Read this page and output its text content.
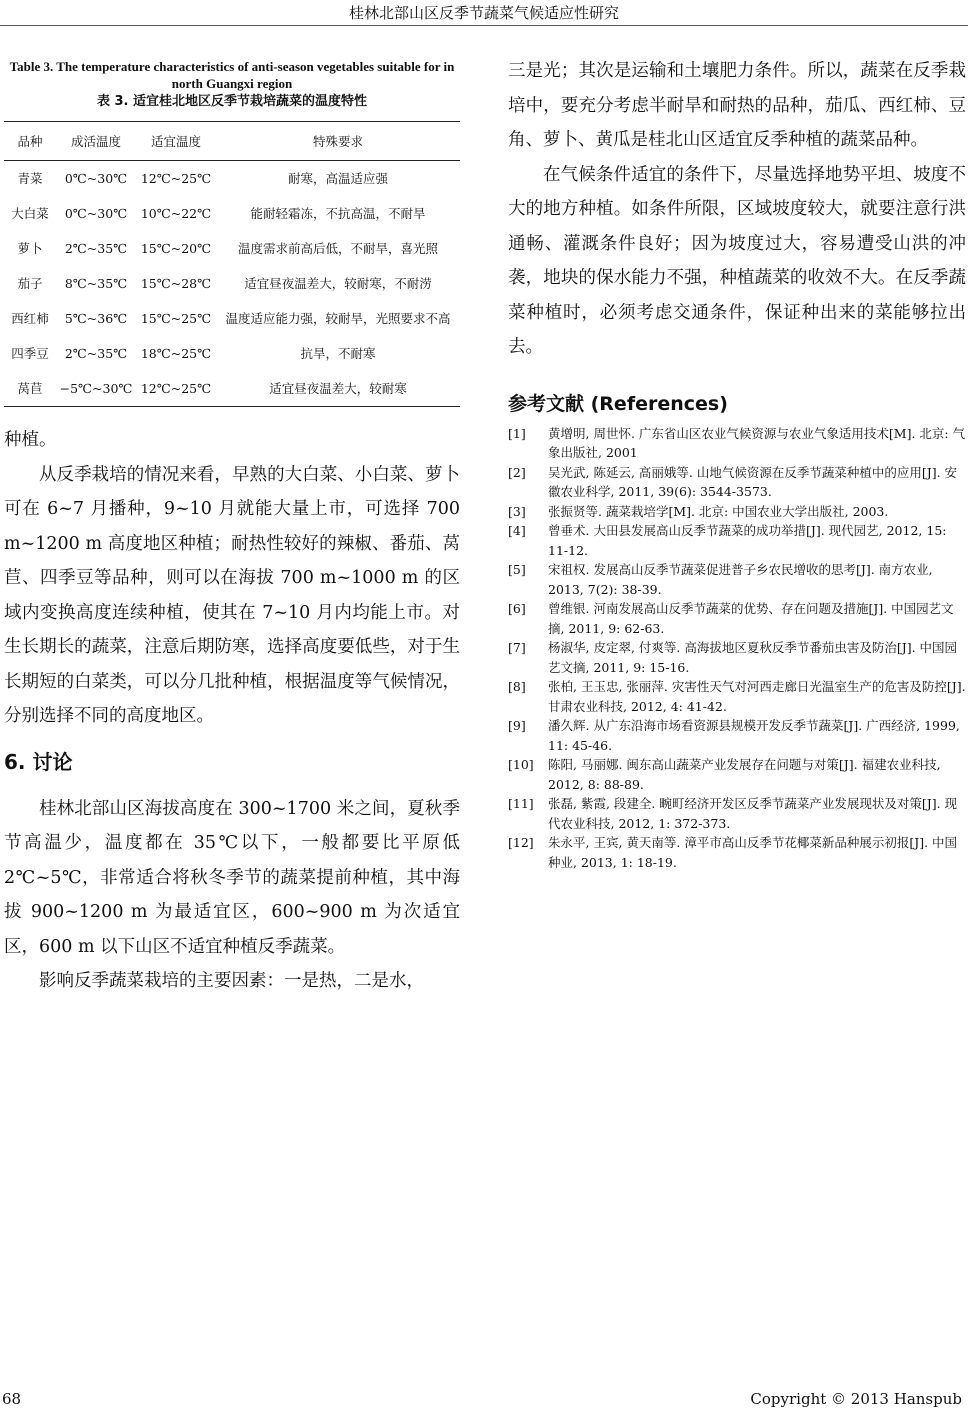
桂林北部山区反季节蔬菜气候适应性研究
Table 3. The temperature characteristics of anti-season vegetables suitable for in north Guangxi region
表 3. 适宜桂北地区反季节栽培蔬菜的温度特性
品种	成活温度	适宜温度	特殊要求
青菜	0℃~30℃	12℃~25℃	耐寒，高温适应强
大白菜	0℃~30℃	10℃~22℃	能耐轻霜冻，不抗高温，不耐旱
萝卜	2℃~35℃	15℃~20℃	温度需求前高后低，不耐旱，喜光照
茄子	8℃~35℃	15℃~28℃	适宜昼夜温差大，较耐寒，不耐涝
西红柿	5℃~36℃	15℃~25℃	温度适应能力强，较耐旱，光照要求不高
四季豆	2℃~35℃	18℃~25℃	抗旱，不耐寒
莴苣	−5℃~30℃	12℃~25℃	适宜昼夜温差大，较耐寒

种植。

从反季栽培的情况来看，早熟的大白菜、小白菜、萝卜可在 6~7 月播种，9~10 月就能大量上市，可选择 700 m~1200 m 高度地区种植；耐热性较好的辣椒、番茄、莴苣、四季豆等品种，则可以在海拔 700 m~1000 m 的区域内变换高度连续种植，使其在 7~10 月内均能上市。对生长期长的蔬菜，注意后期防寒，选择高度要低些，对于生长期短的白菜类，可以分几批种植，根据温度等气候情况，分别选择不同的高度地区。

6. 讨论

桂林北部山区海拔高度在 300~1700 米之间，夏秋季节高温少，温度都在 35℃以下，一般都要比平原低 2℃~5℃，非常适合将秋冬季节的蔬菜提前种植，其中海拔 900~1200 m 为最适宜区，600~900 m 为次适宜区，600 m 以下山区不适宜种植反季蔬菜。

影响反季蔬菜栽培的主要因素：一是热，二是水，

三是光；其次是运输和土壤肥力条件。所以，蔬菜在反季栽培中，要充分考虑半耐旱和耐热的品种，茄瓜、西红柿、豆角、萝卜、黄瓜是桂北山区适宜反季种植的蔬菜品种。

在气候条件适宜的条件下，尽量选择地势平坦、坡度不大的地方种植。如条件所限，区域坡度较大，就要注意行洪通畅、灌溉条件良好；因为坡度过大，容易遭受山洪的冲袭，地块的保水能力不强，种植蔬菜的收效不大。在反季蔬菜种植时，必须考虑交通条件，保证种出来的菜能够拉出去。

参考文献 (References)
[1]	黄增明, 周世怀. 广东省山区农业气候资源与农业气象适用技术[M]. 北京: 气象出版社, 2001
[2]	吴光武, 陈延云, 高丽娥等. 山地气候资源在反季节蔬菜种植中的应用[J]. 安徽农业科学, 2011, 39(6): 3544-3573.
[3]	张振贤等. 蔬菜栽培学[M]. 北京: 中国农业大学出版社, 2003.
[4]	曾垂术. 大田县发展高山反季节蔬菜的成功举措[J]. 现代园艺, 2012, 15: 11-12.
[5]	宋祖权. 发展高山反季节蔬菜促进普子乡农民增收的思考[J]. 南方农业, 2013, 7(2): 38-39.
[6]	曾维银. 河南发展高山反季节蔬菜的优势、存在问题及措施[J]. 中国园艺文摘, 2011, 9: 62-63.
[7]	杨淑华, 皮定翠, 付爽等. 高海拔地区夏秋反季节番茄虫害及防治[J]. 中国园艺文摘, 2011, 9: 15-16.
[8]	张柏, 王玉忠, 张丽萍. 灾害性天气对河西走廊日光温室生产的危害及防控[J]. 甘肃农业科技, 2012, 4: 41-42.
[9]	潘久辉. 从广东沿海市场看资源县规模开发反季节蔬菜[J]. 广西经济, 1999, 11: 45-46.
[10]	陈阳, 马丽娜. 闽东高山蔬菜产业发展存在问题与对策[J]. 福建农业科技, 2012, 8: 88-89.
[11]	张磊, 紫霞, 段建全. 畹町经济开发区反季节蔬菜产业发展现状及对策[J]. 现代农业科技, 2012, 1: 372-373.
[12]	朱永平, 王宾, 黄天南等. 漳平市高山反季节花椰菜新品种展示初报[J]. 中国种业, 2013, 1: 18-19.
68	Copyright © 2013 Hanspub
